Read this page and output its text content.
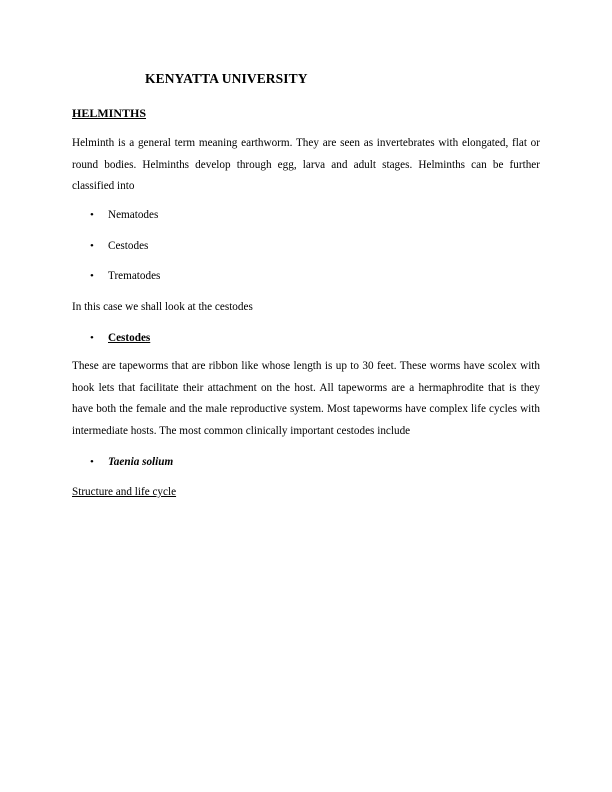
KENYATTA UNIVERSITY
HELMINTHS
Helminth is a general term meaning earthworm. They are seen as invertebrates with elongated, flat or round bodies. Helminths develop through egg, larva and adult stages. Helminths can be further classified into
• Nematodes
• Cestodes
• Trematodes
In this case we shall look at the cestodes
• Cestodes
These are tapeworms that are ribbon like whose length is up to 30 feet. These worms have scolex with hook lets that facilitate their attachment on the host. All tapeworms are a hermaphrodite that is they have both the female and the male reproductive system. Most tapeworms have complex life cycles with intermediate hosts. The most common clinically important cestodes include
• Taenia solium
Structure and life cycle
